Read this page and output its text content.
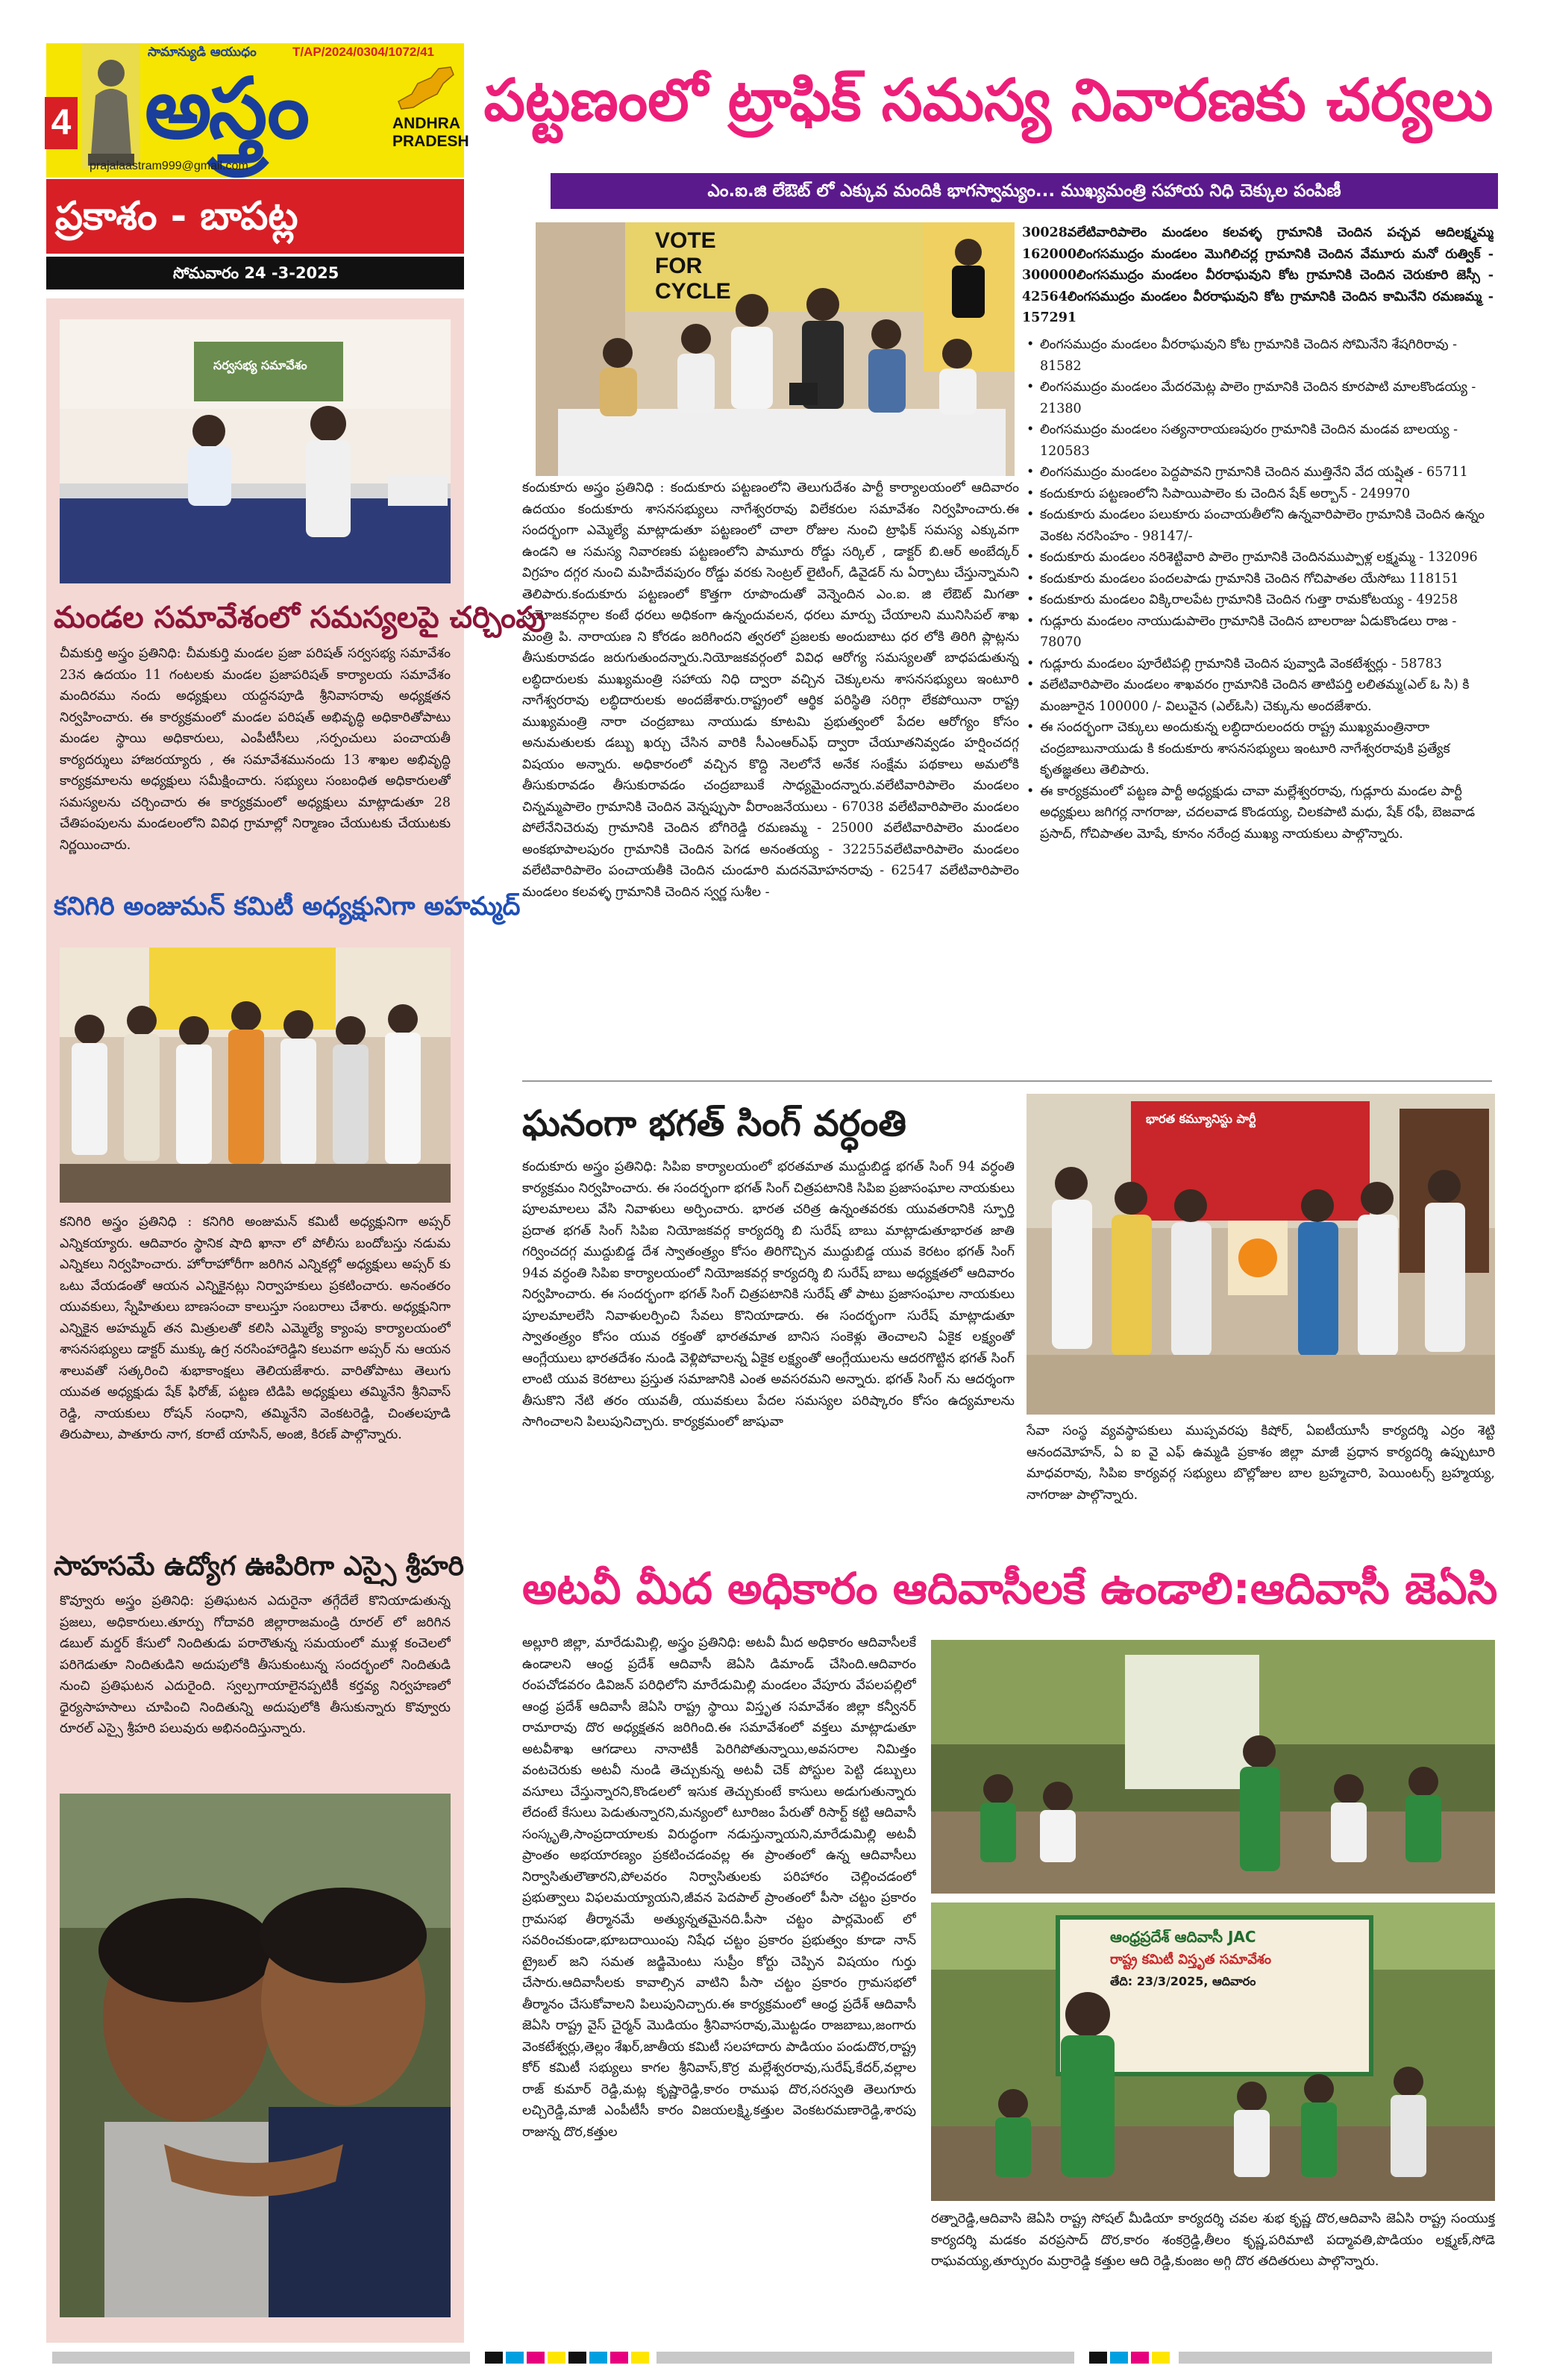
4
సామాన్యుడి ఆయుధం	T/AP/2024/0304/1072/41
అస్త్రం	ANDHRA
PRADESH
prajalaastram999@gmail.com
ప్రకాశం - బాపట్ల
సోమవారం 24 -3-2025
పట్టణంలో ట్రాఫిక్ సమస్య నివారణకు చర్యలు
ఎం.ఐ.జి లేఔట్ లో ఎక్కువ మందికి భాగస్వామ్యం... ముఖ్యమంత్రి సహాయ నిధి చెక్కుల పంపిణీ
VOTE FOR CYCLE
కందుకూరు అస్త్రం ప్రతినిధి : కందుకూరు పట్టణంలోని తెలుగుదేశం పార్టీ కార్యాలయంలో ఆదివారం ఉదయం కందుకూరు శాసనసభ్యులు నాగేశ్వరరావు విలేకరుల సమావేశం నిర్వహించారు.ఈ సందర్భంగా ఎమ్మెల్యే మాట్లాడుతూ పట్టణంలో చాలా రోజుల నుంచి ట్రాఫిక్ సమస్య ఎక్కువగా ఉండని ఆ సమస్య నివారణకు పట్టణంలోని పామూరు రోడ్డు సర్కిల్ , డాక్టర్ బి.ఆర్ అంబేద్కర్ విగ్రహం దగ్గర నుంచి మహిదేవపురం రోడ్డు వరకు సెంట్రల్ లైటింగ్, డివైడర్ ను ఏర్పాటు చేస్తున్నామని తెలిపారు.కందుకూరు పట్టణంలో కొత్తగా రూపొందుతో వెన్నెందిన ఎం.ఐ. జి లేఔట్ మిగతా నియోజకవర్గాల కంటే ధరలు అధికంగా ఉన్నందువలన, ధరలు మార్పు చేయాలని మునిసిపల్ శాఖ మంత్రి పి. నారాయణ ని కోరడం జరిగిందని త్వరలో ప్రజలకు అందుబాటు ధర లోకి తిరిగి ప్లాట్లను తీసుకురావడం జరుగుతుందన్నారు.నియోజకవర్గంలో వివిధ ఆరోగ్య సమస్యలతో బాధపడుతున్న లబ్ధిదారులకు ముఖ్యమంత్రి సహాయ నిధి ద్వారా వచ్చిన చెక్కులను శాసనసభ్యులు ఇంటూరి నాగేశ్వరరావు లబ్ధిదారులకు అందజేశారు.రాష్ట్రంలో ఆర్థిక పరిస్థితి సరిగ్గా లేకపోయినా రాష్ట్ర ముఖ్యమంత్రి నారా చంద్రబాబు నాయుడు కూటమి ప్రభుత్వంలో పేదల ఆరోగ్యం కోసం అనుమతులకు డబ్బు ఖర్చు చేసిన వారికి సీఎంఆర్ఎఫ్ ద్వారా చేయూతనివ్వడం హర్షించదగ్గ విషయం అన్నారు. అధికారంలో వచ్చిన కొద్ది నెలలోనే అనేక సంక్షేమ పథకాలు అమలోకి తీసుకురావడం తీసుకురావడం చంద్రబాబుకే సాధ్యమైందన్నారు.వలేటివారిపాలెం మండలం చిన్నమ్మపాలెం గ్రామానికి చెందిన వెన్నప్పుసా వీరాంజనేయులు - 67038 వలేటివారిపాలెం మండలం పోలేనేనిచెరువు గ్రామానికి చెందిన బోగిరెడ్డి రమణమ్మ - 25000 వలేటివారిపాలెం మండలం అంకభూపాలపురం గ్రామానికి చెందిన పెగడ అనంతయ్య - 32255వలేటివారిపాలెం మండలం వలేటివారిపాలెం పంచాయతీకి చెందిన చుండూరి మదనమోహనరావు - 62547 వలేటివారిపాలెం మండలం కలవళ్ళ గ్రామానికి చెందిన స్వర్ణ సుశీల -
30028వలేటివారిపాలెం మండలం కలవళ్ళ గ్రామానికి చెందిన పచ్చవ ఆదిలక్ష్మమ్మ 162000లింగసముద్రం మండలం మొగిలిచర్ల గ్రామానికి చెందిన వేమూరు మనో రుత్విక్ - 300000లింగసముద్రం మండలం వీరరాఘవుని కోట గ్రామానికి చెందిన చెరుకూరి జెస్సీ - 42564లింగసముద్రం మండలం వీరరాఘవుని కోట గ్రామానికి చెందిన కామినేని రమణమ్మ - 157291
• లింగసముద్రం మండలం వీరరాఘవుని కోట గ్రామానికి చెందిన సోమినేని శేషగిరిరావు - 81582
• లింగసముద్రం మండలం మేదరమెట్ల పాలెం గ్రామానికి చెందిన కూరపాటి మాలకొండయ్య - 21380
• లింగసముద్రం మండలం సత్యనారాయణపురం గ్రామానికి చెందిన మండవ బాలయ్య - 120583
• లింగసముద్రం మండలం పెద్దపావని గ్రామానికి చెందిన ముత్తినేని వేద యష్షిత - 65711
• కందుకూరు పట్టణంలోని సిపాయిపాలెం కు చెందిన షేక్ అర్బాన్ - 249970
• కందుకూరు మండలం పలుకూరు పంచాయతీలోని ఉన్నవారిపాలెం గ్రామానికి చెందిన ఉన్నం వెంకట నరసింహం - 98147/-
• కందుకూరు మండలం నరిశెట్టివారి పాలెం గ్రామానికి చెందినముప్పాళ్ల లక్ష్మమ్మ - 132096
• కందుకూరు మండలం పందలపాడు గ్రామానికి చెందిన గోచిపాతల యేసోబు 118151
• కందుకూరు మండలం విక్కిరాలపేట గ్రామానికి చెందిన గుత్తా రామకోటయ్య - 49258
• గుడ్లూరు మండలం నాయుడుపాలెం గ్రామానికి చెందిన బాలరాజు ఏడుకొండలు రాజ - 78070
• గుడ్లూరు మండలం పూరేటిపల్లి గ్రామానికి చెందిన పువ్వాడి వెంకటేశ్వర్లు - 58783
• వలేటివారిపాలెం మండలం శాఖవరం గ్రామానికి చెందిన తాటిపర్తి లలితమ్మ(ఎల్ ఓ సి) కి మంజూరైన 100000 /- విలువైన (ఎల్ఓసి) చెక్కును అందజేశారు.
• ఈ సందర్భంగా చెక్కులు అందుకున్న లబ్ధిదారులందరు రాష్ట్ర ముఖ్యమంత్రినారా చంద్రబాబునాయుడు కి కందుకూరు శాసనసభ్యులు ఇంటూరి నాగేశ్వరరావుకి ప్రత్యేక కృతజ్ఞతలు తెలిపారు.
• ఈ కార్యక్రమంలో పట్టణ పార్టీ అధ్యక్షుడు చావా మల్లేశ్వరరావు, గుడ్లూరు మండల పార్టీ అధ్యక్షులు జగిగర్ల నాగరాజు, చదలవాడ కొండయ్య, చిలకపాటి మధు, షేక్ రఫీ, బెజవాడ ప్రసాద్, గోచిపాతల మోషే, కూనం నరేంద్ర ముఖ్య నాయకులు పాల్గొన్నారు.
సర్వసభ్య సమావేశం
మండల సమావేశంలో సమస్యలపై చర్చింపు
చీమకుర్తి అస్త్రం ప్రతినిధి: చీమకుర్తి మండల ప్రజా పరిషత్ సర్వసభ్య సమావేశం 23న ఉదయం 11 గంటలకు మండల ప్రజాపరిషత్ కార్యాలయ సమావేశం మందిరము నందు అధ్యక్షులు యద్దనపూడి శ్రీనివాసరావు అధ్యక్షతన నిర్వహించారు. ఈ కార్యక్రమంలో మండల పరిషత్ అభివృద్ధి అధికారితోపాటు మండల స్థాయి అధికారులు, ఎంపీటీసీలు ,సర్పంచులు పంచాయతీ కార్యదర్శులు హాజరయ్యారు , ఈ సమావేశమునందు 13 శాఖల అభివృద్ధి కార్యక్రమాలను అధ్యక్షులు సమీక్షించారు. సభ్యులు సంబంధిత అధికారులతో సమస్యలను చర్చించారు ఈ కార్యక్రమంలో అధ్యక్షులు మాట్లాడుతూ 28 చేతిపంపులను మండలంలోని వివిధ గ్రామాల్లో నిర్మాణం చేయుటకు చేయుటకు నిర్ణయించారు.
కనిగిరి అంజుమన్ కమిటీ అధ్యక్షునిగా అహమ్మద్
కనిగిరి అస్త్రం ప్రతినిధి : కనిగిరి అంజుమన్ కమిటీ అధ్యక్షునిగా అప్సర్ ఎన్నికయ్యారు. ఆదివారం స్థానిక షాది ఖానా లో పోలీసు బందోబస్తు నడుమ ఎన్నికలు నిర్వహించారు. హోరాహోరీగా జరిగిన ఎన్నికల్లో అధ్యక్షులు అప్సర్ కు ఒటు వేయడంతో ఆయన ఎన్నికైనట్లు నిర్వాహకులు ప్రకటించారు. అనంతరం యువకులు, స్నేహితులు బాణసంచా కాలుస్తూ సంబరాలు చేశారు. అధ్యక్షునిగా ఎన్నికైన అహమ్మద్ తన మిత్రులతో కలిసి ఎమ్మెల్యే క్యాంపు కార్యాలయంలో శాసనసభ్యులు డాక్టర్ ముక్కు ఉగ్ర నరసింహారెడ్డిని కలువగా అప్సర్ ను ఆయన శాలువతో సత్కరించి శుభాకాంక్షలు తెలియజేశారు. వారితోపాటు తెలుగు యువత అధ్యక్షుడు షేక్ ఫిరోజ్, పట్టణ టిడిపి అధ్యక్షులు తమ్మినేని శ్రీనివాస్ రెడ్డి, నాయకులు రోషన్ సంధాని, తమ్మినేని వెంకటరెడ్డి, చింతలపూడి తిరుపాలు, పాతూరు నాగ, కరాటే యాసిన్, అంజి, కిరణ్ పాల్గొన్నారు.
సాహసమే ఉద్యోగ ఊపిరిగా ఎస్సై శ్రీహరి
కొవ్వూరు అస్త్రం ప్రతినిధి: ప్రతిఘటన ఎదురైనా తగ్గేదేలే కొనియాడుతున్న ప్రజలు, అధికారులు.తూర్పు గోదావరి జిల్లారాజమండ్రి రూరల్ లో జరిగిన డబుల్ మర్డర్ కేసులో నిందితుడు పరారౌతున్న సమయంలో ముళ్ల కంచెలలో పరిగెడుతూ నిందితుడిని అదుపులోకి తీసుకుంటున్న సందర్భంలో నిందితుడి నుంచి ప్రతిఘటన ఎదురైంది. స్వల్పగాయాలైనప్పటికీ కర్తవ్య నిర్వహణలో ధైర్యసాహసాలు చూపించి నిందితున్ని అదుపులోకి తీసుకున్నారు కొవ్వూరు రూరల్ ఎస్సై శ్రీహరి పలువురు అభినందిస్తున్నారు.
ఘనంగా భగత్ సింగ్ వర్ధంతి
కందుకూరు అస్త్రం ప్రతినిధి: సిపిఐ కార్యాలయంలో భరతమాత ముద్దుబిడ్డ భగత్ సింగ్ 94 వర్ధంతి కార్యక్రమం నిర్వహించారు. ఈ సందర్భంగా భగత్ సింగ్ చిత్రపటానికి సిపిఐ ప్రజాసంఘాల నాయకులు పూలమాలలు వేసి నివాళులు అర్పించారు. భారత చరిత్ర ఉన్నంతవరకు యువతరానికి స్ఫూర్తి ప్రదాత భగత్ సింగ్ సిపిఐ నియోజకవర్గ కార్యదర్శి బి సురేష్ బాబు మాట్లాడుతూభారత జాతి గర్వించదగ్గ ముద్దుబిడ్డ దేశ స్వాతంత్ర్యం కోసం తిరిగొచ్చిన ముద్దుబిడ్డ యువ కెరటం భగత్ సింగ్ 94వ వర్ధంతి సిపిఐ కార్యాలయంలో నియోజకవర్గ కార్యదర్శి బి సురేష్ బాబు అధ్యక్షతలో ఆదివారం నిర్వహించారు. ఈ సందర్భంగా భగత్ సింగ్ చిత్రపటానికి సురేష్ తో పాటు ప్రజాసంఘాల నాయకులు పూలమాలలేసి నివాళులర్పించి సేవలు కొనియాడారు. ఈ సందర్భంగా సురేష్ మాట్లాడుతూ స్వాతంత్ర్యం కోసం యువ రక్తంతో భారతమాత బానిస సంకెళ్లు తెంచాలని ఏకైక లక్ష్యంతో ఆంగ్లేయులు భారతదేశం నుండి వెళ్లిపోవాలన్న ఏకైక లక్ష్యంతో ఆంగ్లేయులను ఆదరగొట్టిన భగత్ సింగ్ లాంటి యువ కెరటాలు ప్రస్తుత సమాజానికి ఎంత అవసరమని అన్నారు. భగత్ సింగ్ ను ఆదర్శంగా తీసుకొని నేటి తరం యువతీ, యువకులు పేదల సమస్యల పరిష్కారం కోసం ఉద్యమాలను సాగించాలని పిలుపునిచ్చారు. కార్యక్రమంలో జాషువా
భారత కమ్యూనిస్టు పార్టీ
సేవా సంస్థ వ్యవస్థాపకులు ముప్పవరపు కిషోర్, ఏఐటీయూసీ కార్యదర్శి ఎర్రం శెట్టి ఆనందమోహన్, ఏ ఐ వై ఎఫ్ ఉమ్మడి ప్రకాశం జిల్లా మాజీ ప్రధాన కార్యదర్శి ఉప్పుటూరి మాధవరావు, సిపిఐ కార్యవర్గ సభ్యులు బొల్లోజుల బాల బ్రహ్మచారి, పెయింటర్స్ బ్రహ్మయ్య, నాగరాజు పాల్గొన్నారు.
అటవీ మీద అధికారం ఆదివాసీలకే ఉండాలి:ఆదివాసీ జెఏసి
అల్లూరి జిల్లా, మారేడుమిల్లి, అస్త్రం ప్రతినిధి: అటవీ మీద అధికారం ఆదివాసీలకే ఉండాలని ఆంధ్ర ప్రదేశ్ ఆదివాసీ జెఏసి డిమాండ్ చేసింది.ఆదివారం రంపచోడవరం డివిజన్ పరిధిలోని మారేడుమిల్లి మండలం వేపూరు వేపలపల్లిలో ఆంధ్ర ప్రదేశ్ ఆదివాసీ జెఏసి రాష్ట్ర స్థాయి విస్తృత సమావేశం జిల్లా కన్వీనర్ రామారావు దొర అధ్యక్షతన జరిగింది.ఈ సమావేశంలో వక్తలు మాట్లాడుతూ అటవీశాఖ ఆగడాలు నానాటికీ పెరిగిపోతున్నాయి,అవసరాల నిమిత్తం వంటచెరుకు అటవీ నుండి తెచ్చుకున్న అటవీ చెక్ పోస్టుల పెట్టి డబ్బులు వసూలు చేస్తున్నారని,కొండలలో ఇసుక తెచ్చుకుంటే కాసులు అడుగుతున్నారు లేదంటే కేసులు పెడుతున్నారని,మన్యంలో టూరిజం పేరుతో రిసార్ట్ కట్టి ఆదివాసీ సంస్కృతి,సాంప్రదాయాలకు విరుద్ధంగా నడుస్తున్నాయని,మారేడుమిల్లి అటవీ ప్రాంతం అభయారణ్యం ప్రకటించడంవల్ల ఈ ప్రాంతంలో ఉన్న ఆదివాసీలు నిర్వాసితులౌతారని,పోలవరం నిర్వాసితులకు పరిహారం చెల్లించడంలో ప్రభుత్వాలు విఫలమయ్యాయని,జీవన పెదపాల్ ప్రాంతంలో పీసా చట్టం ప్రకారం గ్రామసభ తీర్మానమే అత్యున్నతమైనది.పీసా చట్టం పార్లమెంట్ లో సవరించకుండా,భూబదాయింపు నిషేధ చట్టం ప్రకారం ప్రభుత్వం కూడా నాన్ ట్రైబల్ జని సమత జడ్జిమెంటు సుప్రీం కోర్టు చెప్పిన విషయం గుర్తు చేసారు.ఆదివాసీలకు కావాల్సిన వాటిని పీసా చట్టం ప్రకారం గ్రామసభలో తీర్మానం చేసుకోవాలని పిలుపునిచ్చారు.ఈ కార్యక్రమంలో ఆంధ్ర ప్రదేశ్ ఆదివాసీ జెఏసి రాష్ట్ర వైస్ చైర్మన్ మొడియం శ్రీనివాసరావు,మొట్టడం రాజబాబు,జంగారు వెంకటేశ్వర్లు,తెల్లం శేఖర్,జాతీయ కమిటీ సలహాదారు పాడియం పండుదొర,రాష్ట్ర కోర్ కమిటీ సభ్యులు కాగల శ్రీనివాస్,కొర్ర మల్లేశ్వరరావు,సురేష్,కేదర్,వల్లాల రాజ్ కుమార్ రెడ్డి,మట్ల కృష్ణారెడ్డి,కారం రాముఫ దొర,సరస్వతి తెలుగూరు లచ్చిరెడ్డి,మాజీ ఎంపీటీసీ కారం విజయలక్ష్మి,కత్తుల వెంకటరమణారెడ్డి,శారపు రాజున్న దొర,కత్తుల
ఆంధ్రప్రదేశ్ ఆదివాసీ JAC
రాష్ట్ర కమిటీ విస్తృత సమావేశం
తేది: 23/3/2025, ఆదివారం
రత్నారెడ్డి,ఆదివాసి జెఏసి రాష్ట్ర సోషల్ మీడియా కార్యదర్శి చవల శుభ కృష్ణ దొర,ఆదివాసి జెఏసి రాష్ట్ర సంయుక్త కార్యదర్శి మడకం వరప్రసాద్ దొర,కారం శంకర్రెడ్డి,తీలం కృష్ణ,పరిమాటి పద్మావతి,పొడియం లక్ష్మణ్,సోడె రాఘవయ్య,తూర్పురం మర్రారెడ్డి కత్తుల ఆది రెడ్డి,కుంజం అగ్గి దొర తదితరులు పాల్గొన్నారు.
